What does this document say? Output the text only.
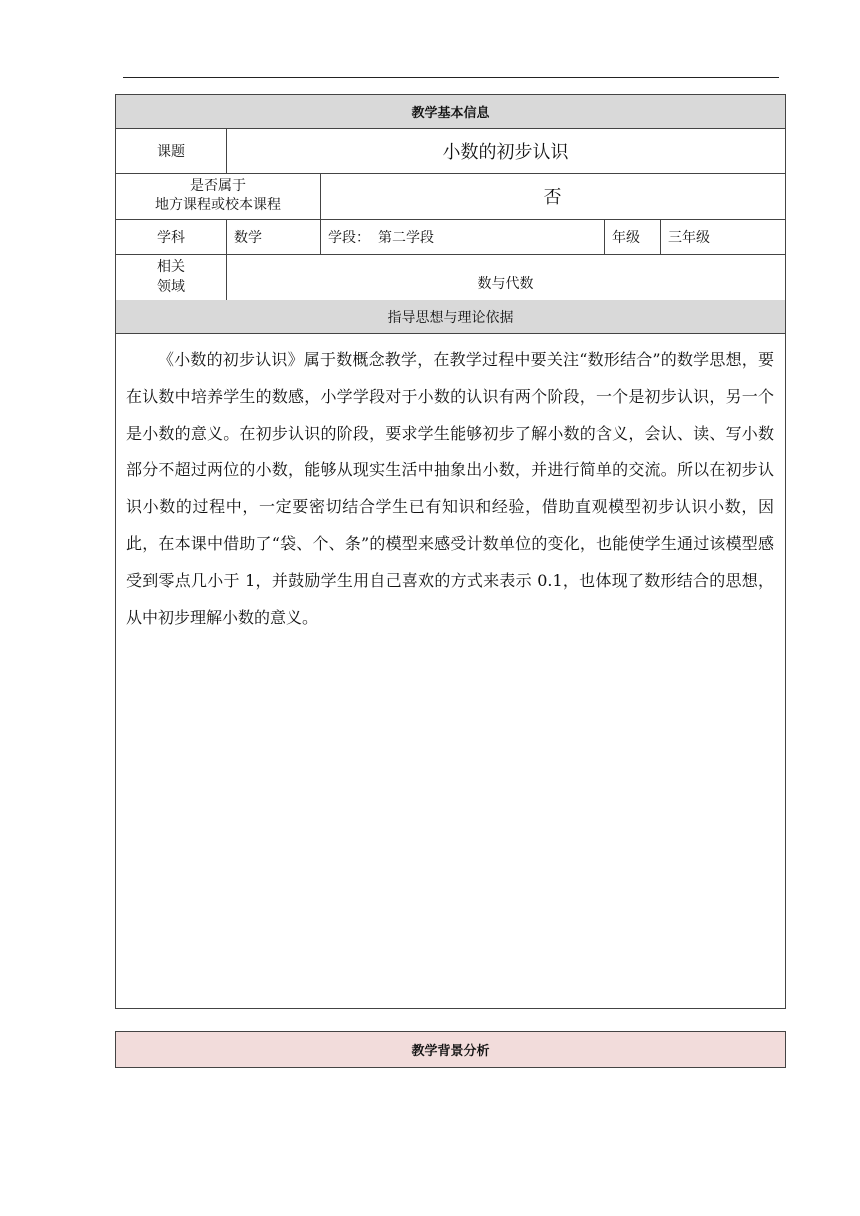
教学基本信息
课题	小数的初步认识
是否属于
地方课程或校本课程	否
学科	数学	学段： 第二学段	年级	三年级
相关
领域	数与代数
指导思想与理论依据
《小数的初步认识》属于数概念教学，在教学过程中要关注“数形结合”的数学思想，要在认数中培养学生的数感，小学学段对于小数的认识有两个阶段，一个是初步认识，另一个是小数的意义。在初步认识的阶段，要求学生能够初步了解小数的含义，会认、读、写小数部分不超过两位的小数，能够从现实生活中抽象出小数，并进行简单的交流。所以在初步认识小数的过程中，一定要密切结合学生已有知识和经验，借助直观模型初步认识小数，因此，在本课中借助了“袋、个、条”的模型来感受计数单位的变化，也能使学生通过该模型感受到零点几小于 1，并鼓励学生用自己喜欢的方式来表示 0.1，也体现了数形结合的思想，从中初步理解小数的意义。
教学背景分析
